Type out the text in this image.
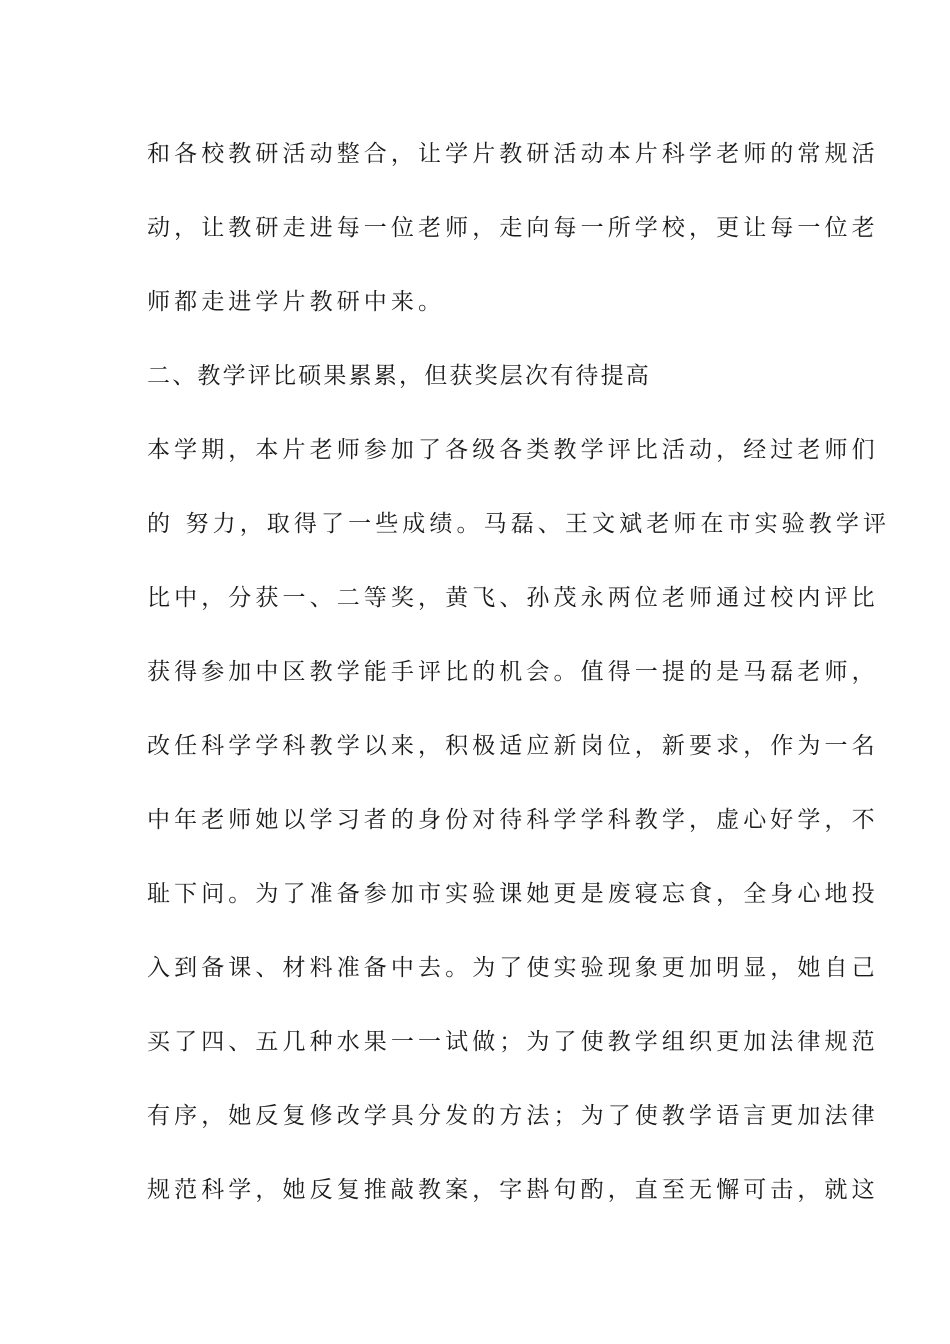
和各校教研活动整合，让学片教研活动本片科学老师的常规活
动，让教研走进每一位老师，走向每一所学校，更让每一位老
师都走进学片教研中来。
二、教学评比硕果累累，但获奖层次有待提高
本学期，本片老师参加了各级各类教学评比活动，经过老师们
的 努力，取得了一些成绩。马磊、王文斌老师在市实验教学评
比中，分获一、二等奖，黄飞、孙茂永两位老师通过校内评比
获得参加中区教学能手评比的机会。值得一提的是马磊老师，
改任科学学科教学以来，积极适应新岗位，新要求，作为一名
中年老师她以学习者的身份对待科学学科教学，虚心好学，不
耻下问。为了准备参加市实验课她更是废寝忘食，全身心地投
入到备课、材料准备中去。为了使实验现象更加明显，她自己
买了四、五几种水果一一试做；为了使教学组织更加法律规范
有序，她反复修改学具分发的方法；为了使教学语言更加法律
规范科学，她反复推敲教案，字斟句酌，直至无懈可击，就这
